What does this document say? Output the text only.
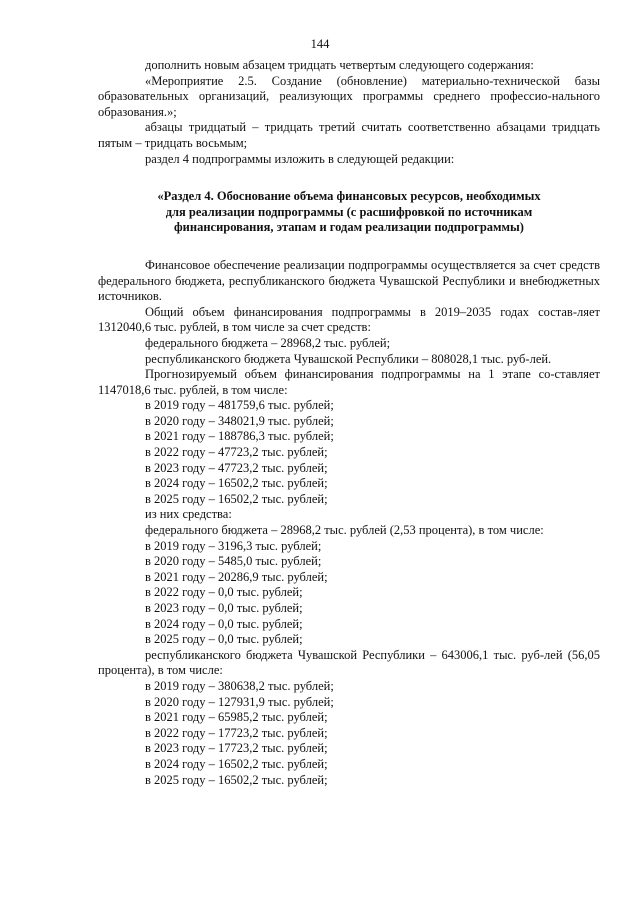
144

дополнить новым абзацем тридцать четвертым следующего содержания:

«Мероприятие 2.5. Создание (обновление) материально-технической базы образовательных организаций, реализующих программы среднего профессио-нального образования.»;

абзацы тридцатый – тридцать третий считать соответственно абзацами тридцать пятым – тридцать восьмым;

раздел 4 подпрограммы изложить в следующей редакции:

«Раздел 4. Обоснование объема финансовых ресурсов, необходимых
для реализации подпрограммы (с расшифровкой по источникам
финансирования, этапам и годам реализации подпрограммы)

Финансовое обеспечение реализации подпрограммы осуществляется за счет средств федерального бюджета, республиканского бюджета Чувашской Республики и внебюджетных источников.

Общий объем финансирования подпрограммы в 2019–2035 годах состав-ляет 1312040,6 тыс. рублей, в том числе за счет средств:

федерального бюджета – 28968,2 тыс. рублей;

республиканского бюджета Чувашской Республики – 808028,1 тыс. руб-лей.

Прогнозируемый объем финансирования подпрограммы на 1 этапе со-ставляет 1147018,6 тыс. рублей, в том числе:

в 2019 году – 481759,6 тыс. рублей;

в 2020 году – 348021,9 тыс. рублей;

в 2021 году – 188786,3 тыс. рублей;

в 2022 году – 47723,2 тыс. рублей;

в 2023 году – 47723,2 тыс. рублей;

в 2024 году – 16502,2 тыс. рублей;

в 2025 году – 16502,2 тыс. рублей;

из них средства:

федерального бюджета – 28968,2 тыс. рублей (2,53 процента), в том числе:

в 2019 году – 3196,3 тыс. рублей;

в 2020 году – 5485,0 тыс. рублей;

в 2021 году – 20286,9 тыс. рублей;

в 2022 году – 0,0 тыс. рублей;

в 2023 году – 0,0 тыс. рублей;

в 2024 году – 0,0 тыс. рублей;

в 2025 году – 0,0 тыс. рублей;

республиканского бюджета Чувашской Республики – 643006,1 тыс. руб-лей (56,05 процента), в том числе:

в 2019 году – 380638,2 тыс. рублей;

в 2020 году – 127931,9 тыс. рублей;

в 2021 году – 65985,2 тыс. рублей;

в 2022 году – 17723,2 тыс. рублей;

в 2023 году – 17723,2 тыс. рублей;

в 2024 году – 16502,2 тыс. рублей;

в 2025 году – 16502,2 тыс. рублей;
